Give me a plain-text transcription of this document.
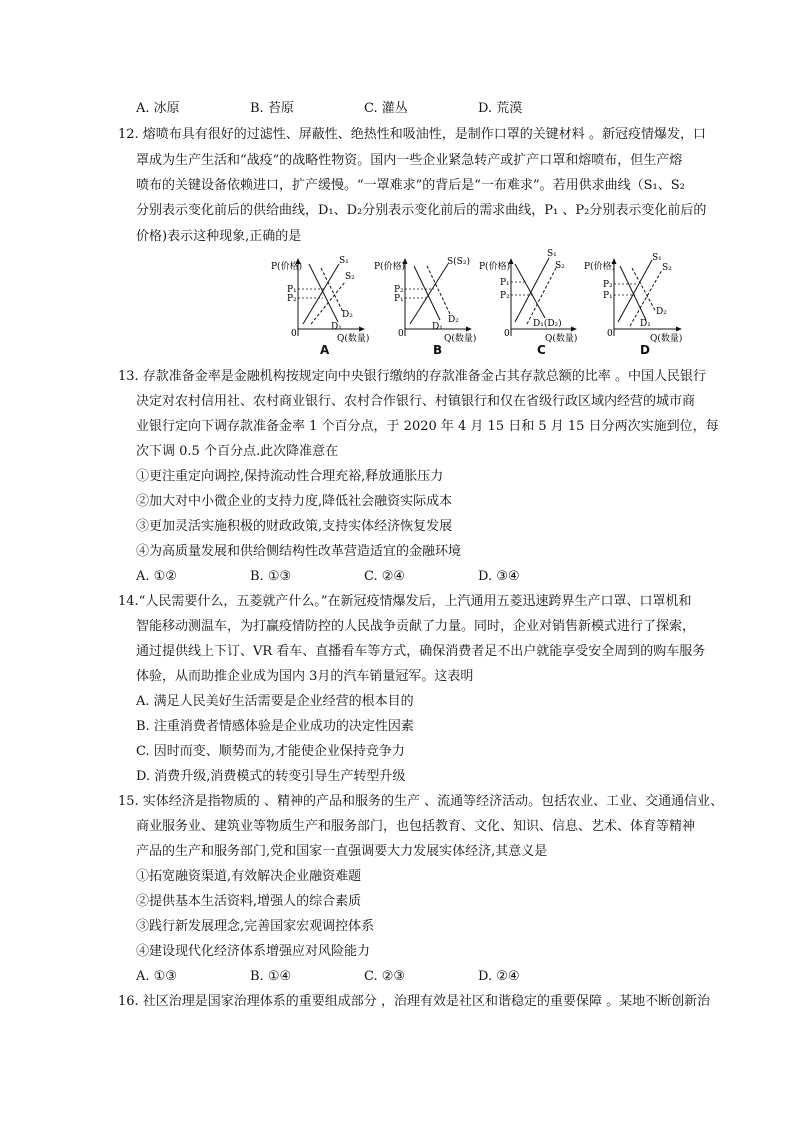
A. 冰原	B. 苔原	C. 灌丛	D. 荒漠
12. 熔喷布具有很好的过滤性、屏蔽性、绝热性和吸油性，是制作口罩的关键材料 。新冠疫情爆发，口
罩成为生产生活和“战疫”的战略性物资。国内一些企业紧急转产或扩产口罩和熔喷布，但生产熔
喷布的关键设备依赖进口，扩产缓慢。“一罩难求”的背后是“一布难求”。若用供求曲线（S₁、S₂
分别表示变化前后的供给曲线，D₁、D₂分别表示变化前后的需求曲线，P₁ 、P₂分别表示变化前后的
价格)表示这种现象,正确的是
P(价格)
0	Q(数量)
P₁
P₂
S₁
S₂
D₂
D₁
A
P(价格)
0	Q(数量)
P₂
P₁
S(S₂)
D₁
D₂
B
P(价格)
0	Q(数量)
P₁
P₂
S₁
S₂
D₁(D₂)
C
P(价格)
0	Q(数量)
P₂
P₁
S₁
S₂
D₂
D₁
D
13. 存款准备金率是金融机构按规定向中央银行缴纳的存款准备金占其存款总额的比率 。中国人民银行
决定对农村信用社、农村商业银行、农村合作银行、村镇银行和仅在省级行政区域内经营的城市商
业银行定向下调存款准备金率 1 个百分点，于 2020 年 4 月 15 日和 5 月 15 日分两次实施到位，每
次下调 0.5 个百分点.此次降准意在
①更注重定向调控,保持流动性合理充裕,释放通胀压力
②加大对中小微企业的支持力度,降低社会融资实际成本
③更加灵活实施积极的财政政策,支持实体经济恢复发展
④为高质量发展和供给侧结构性改革营造适宜的金融环境
A. ①②	B. ①③	C. ②④	D. ③④
14.“人民需要什么，五菱就产什么。”在新冠疫情爆发后，上汽通用五菱迅速跨界生产口罩、口罩机和
智能移动测温车，为打赢疫情防控的人民战争贡献了力量。同时，企业对销售新模式进行了探索，
通过提供线上下订、VR 看车、直播看车等方式，确保消费者足不出户就能享受安全周到的购车服务
体验，从而助推企业成为国内 3月的汽车销量冠军。这表明
A. 满足人民美好生活需要是企业经营的根本目的
B. 注重消费者情感体验是企业成功的决定性因素
C. 因时而变、顺势而为,才能使企业保持竞争力
D. 消费升级,消费模式的转变引导生产转型升级
15. 实体经济是指物质的 、精神的产品和服务的生产 、流通等经济活动。包括农业、工业、交通通信业、
商业服务业、建筑业等物质生产和服务部门，也包括教育、文化、知识、信息、艺术、体育等精神
产品的生产和服务部门,党和国家一直强调要大力发展实体经济,其意义是
①拓宽融资渠道,有效解决企业融资难题
②提供基本生活资料,增强人的综合素质
③践行新发展理念,完善国家宏观调控体系
④建设现代化经济体系增强应对风险能力
A. ①③	B. ①④	C. ②③	D. ②④
16. 社区治理是国家治理体系的重要组成部分 ，治理有效是社区和谐稳定的重要保障 。某地不断创新治
